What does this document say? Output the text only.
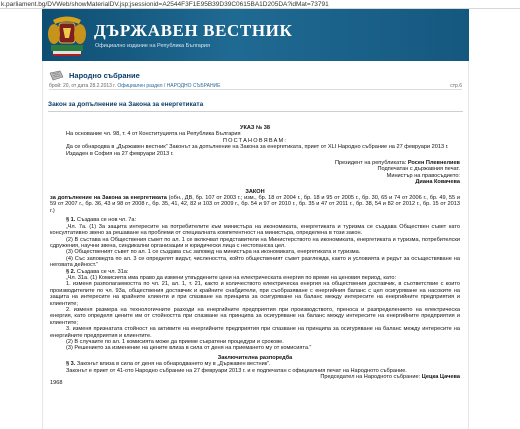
k.parliament.bg/DVWeb/showMaterialDV.jsp;jsessionid=A2544F3F1E95B39D39C0615BA1D205DA?idMat=73791
ДЪРЖАВЕН ВЕСТНИК
Официално издание на Република България
Народно събрание
брой: 20, от дата 28.2.2013 г. Официален раздел / НАРОДНО СЪБРАНИЕ	стр.6
Закон за допълнение на Закона за енергетиката

УКАЗ № 38

На основание чл. 98, т. 4 от Конституцията на Република България

ПОСТАНОВЯВАМ:

Да се обнародва в „Държавен вестник“ Законът за допълнение на Закона за енергетиката, приет от XLI Народно събрание на 27 февруари 2013 г.

Издаден в София на 27 февруари 2013 г.

Президент на републиката: Росен Плевнелиев

Подпечатан с държавния печат.

Министър на правосъдието:

Диана Ковачева

ЗАКОН

за допълнение на Закона за енергетиката (обн., ДВ, бр. 107 от 2003 г.; изм., бр. 18 от 2004 г., бр. 18 и 95 от 2005 г., бр. 30, 65 и 74 от 2006 г., бр. 49, 55 и 59 от 2007 г., бр. 36, 43 и 98 от 2008 г., бр. 35, 41, 42, 82 и 103 от 2009 г., бр. 54 и 97 от 2010 г., бр. 35 и 47 от 2011 г., бр. 38, 54 и 82 от 2012 г., бр. 15 от 2013 г.)

§ 1. Създава се нов чл. 7а:

„Чл. 7а. (1) За защита интересите на потребителите към министъра на икономиката, енергетиката и туризма се създава Обществен съвет като консултативно звено за решаване на проблеми от специалната компетентност на министъра, определена в този закон.

(2) В състава на Обществения съвет по ал. 1 се включват представители на Министерството на икономиката, енергетиката и туризма, потребителски сдружения, научни звена, синдикални организации и юридически лица с нестопанска цел.

(3) Общественият съвет по ал. 1 се създава със заповед на министъра на икономиката, енергетиката и туризма.

(4) Със заповедта по ал. 3 се определят видът, числеността, който обществeният съвет разглежда, както и условията и редът за осъществяване на неговата дейност.“

§ 2. Създава се чл. 31а:

„Чл. 31а. (1) Комисията има право да измени утвърдените цени на електрическата енергия по време на ценовия период, като:

1. изменя разполагаемостта по чл. 21, ал. 1, т. 21, както и количеството електрическа енергия на обществения доставчик, в съответствие с които производителите по чл. 93а, обществения доставчик и крайните снабдители, при съобразяване с енергийния баланс с цел осигуряване на насоките на защита на интересите на крайните клиенти и при спазване на принципа за осигуряване на баланс между интересите на енергийните предприятия и клиентите;

2. изменя размера на технологичните разходи на енергийните предприятия при производството, преноса и разпределението на електрическа енергия, като определя цените им от стойността при спазване на принципа за осигуряване на баланс между интересите на енергийните предприятия и клиентите;

3. изменя признатата стойност на активите на енергийните предприятия при спазване на принципа за осигуряване на баланс между интересите на енергийните предприятия и клиентите.

(2) В случаите по ал. 1 комисията може да приеме съкратени процедури и срокове.

(3) Решението за изменение на цените влиза в сила от деня на приемането му от комисията.“

Заключителна разпоредба

§ 3. Законът влиза в сила от деня на обнародването му в „Държавен вестник“.

Законът е приет от 41-ото Народно събрание на 27 февруари 2013 г. и е подпечатан с официалния печат на Народното събрание.

Председател на Народното събрание: Цецка Цачева

1968
